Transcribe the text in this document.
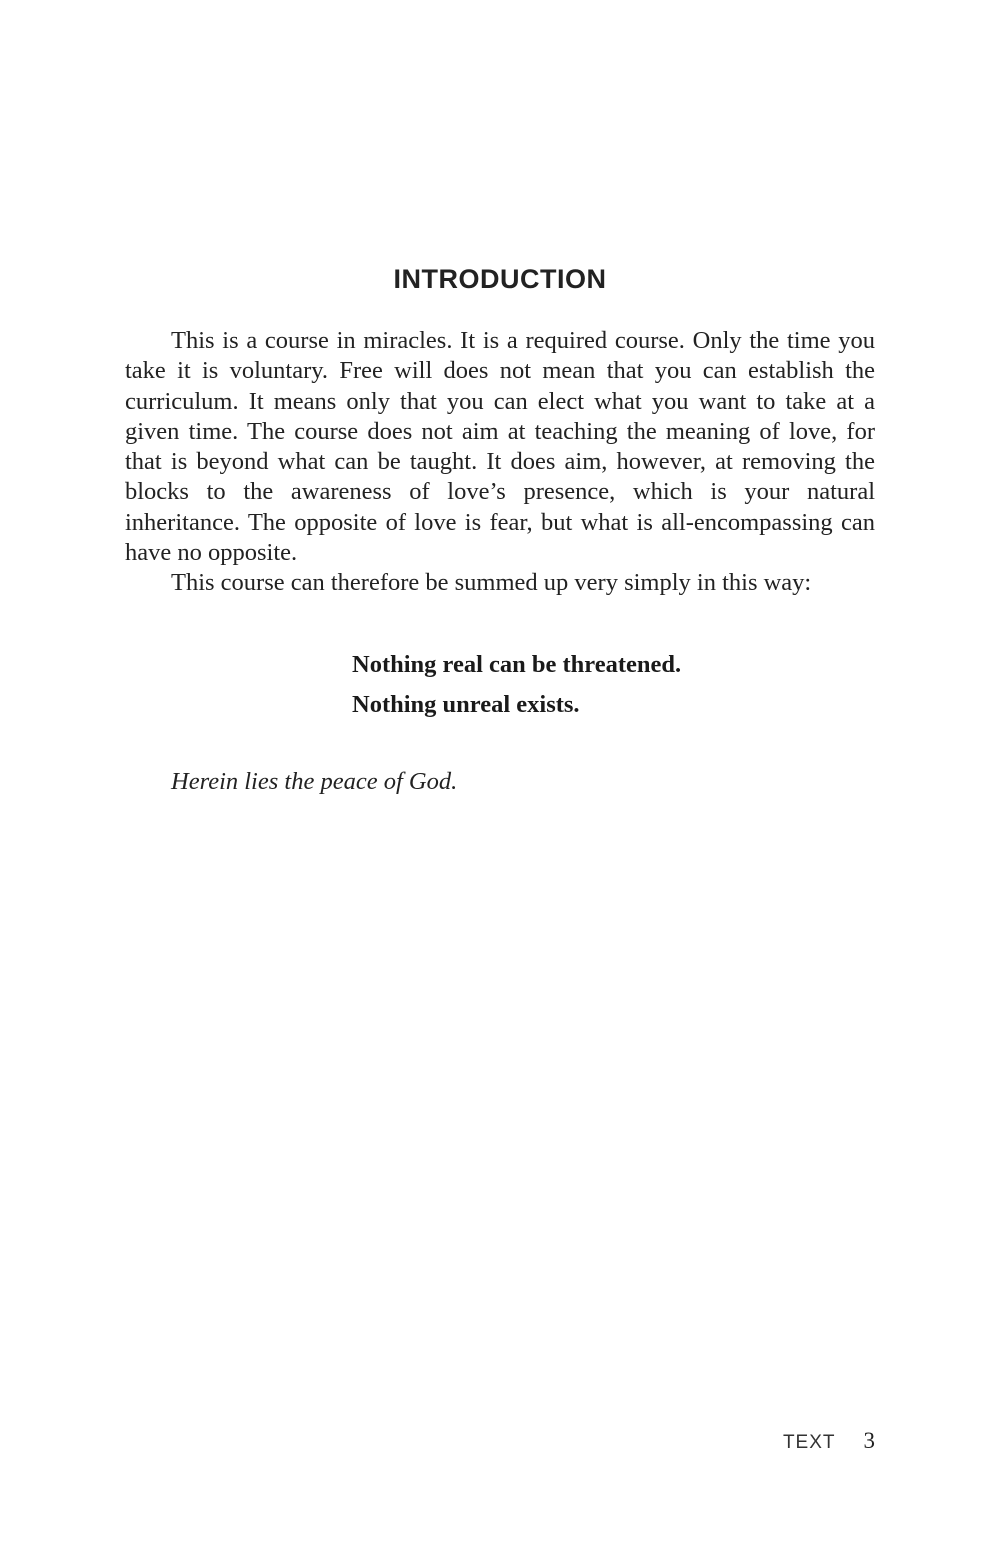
INTRODUCTION

This is a course in miracles. It is a required course. Only the time you take it is voluntary. Free will does not mean that you can establish the curriculum. It means only that you can elect what you want to take at a given time. The course does not aim at teaching the meaning of love, for that is beyond what can be taught. It does aim, however, at removing the blocks to the awareness of love’s presence, which is your natural inheritance. The opposite of love is fear, but what is all-encompassing can have no opposite.

This course can therefore be summed up very simply in this way:

Nothing real can be threatened.
Nothing unreal exists.
Herein lies the peace of God.
TEXT 3
